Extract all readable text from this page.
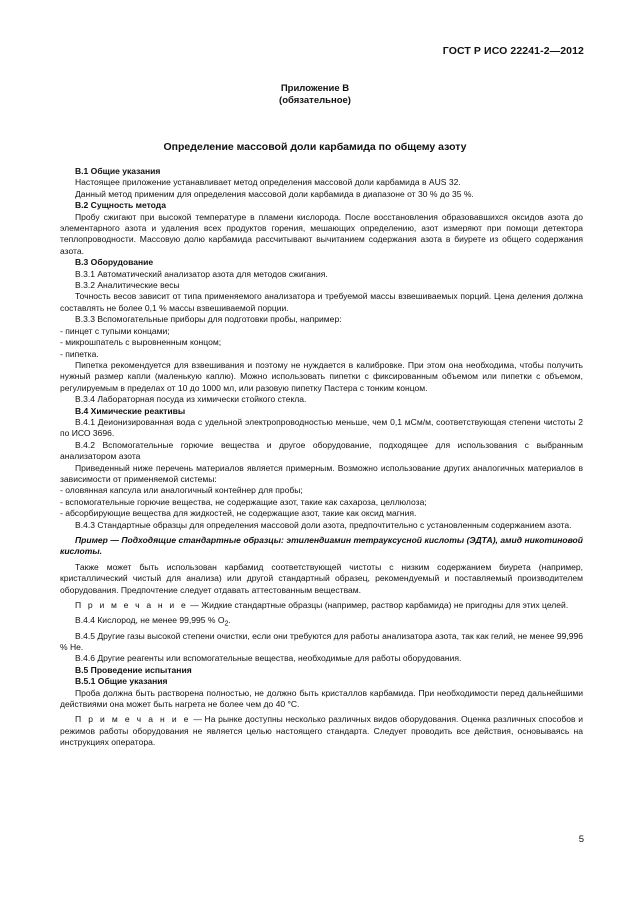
ГОСТ Р ИСО 22241-2—2012
Приложение В
(обязательное)
Определение массовой доли карбамида по общему азоту

В.1 Общие указания

Настоящее приложение устанавливает метод определения массовой доли карбамида в AUS 32.

Данный метод применим для определения массовой доли карбамида в диапазоне от 30 % до 35 %.

В.2 Сущность метода

Пробу сжигают при высокой температуре в пламени кислорода. После восстановления образовавшихся оксидов азота до элементарного азота и удаления всех продуктов горения, мешающих определению, азот измеряют при помощи детектора теплопроводности. Массовую долю карбамида рассчитывают вычитанием содержания азота в биурете из общего содержания азота.

В.3 Оборудование

В.3.1 Автоматический анализатор азота для методов сжигания.

В.3.2 Аналитические весы

Точность весов зависит от типа применяемого анализатора и требуемой массы взвешиваемых порций. Цена деления должна составлять не более 0,1 % массы взвешиваемой порции.

В.3.3 Вспомогательные приборы для подготовки пробы, например:

- пинцет с тупыми концами;

- микрошпатель с выровненным концом;

- пипетка.

Пипетка рекомендуется для взвешивания и поэтому не нуждается в калибровке. При этом она необходима, чтобы получить нужный размер капли (маленькую каплю). Можно использовать пипетки с фиксированным объемом или пипетки с объемом, регулируемым в пределах от 10 до 1000 мл, или разовую пипетку Пастера с тонким концом.

В.3.4 Лабораторная посуда из химически стойкого стекла.

В.4 Химические реактивы

В.4.1 Деионизированная вода с удельной электропроводностью меньше, чем 0,1 мСм/м, соответствующая степени чистоты 2 по ИСО 3696.

В.4.2 Вспомогательные горючие вещества и другое оборудование, подходящее для использования с выбранным анализатором азота

Приведенный ниже перечень материалов является примерным. Возможно использование других аналогичных материалов в зависимости от применяемой системы:

- оловянная капсула или аналогичный контейнер для пробы;

- вспомогательные горючие вещества, не содержащие азот, такие как сахароза, целлюлоза;

- абсорбирующие вещества для жидкостей, не содержащие азот, такие как оксид магния.

В.4.3 Стандартные образцы для определения массовой доли азота, предпочтительно с установленным содержанием азота.

Пример — Подходящие стандартные образцы: этилендиамин тетрауксусной кислоты (ЭДТА), амид никотиновой кислоты.

Также может быть использован карбамид соответствующей чистоты с низким содержанием биурета (например, кристаллический чистый для анализа) или другой стандартный образец, рекомендуемый и поставляемый производителем оборудования. Предпочтение следует отдавать аттестованным веществам.

П р и м е ч а н и е — Жидкие стандартные образцы (например, раствор карбамида) не пригодны для этих целей.

В.4.4 Кислород, не менее 99,995 % $O_2$.

В.4.5 Другие газы высокой степени очистки, если они требуются для работы анализатора азота, так как гелий, не менее 99,996 % He.

В.4.6 Другие реагенты или вспомогательные вещества, необходимые для работы оборудования.

В.5 Проведение испытания

В.5.1 Общие указания

Проба должна быть растворена полностью, не должно быть кристаллов карбамида. При необходимости перед дальнейшими действиями она может быть нагрета не более чем до 40 °С.

П р и м е ч а н и е — На рынке доступны несколько различных видов оборудования. Оценка различных способов и режимов работы оборудования не является целью настоящего стандарта. Следует проводить все действия, основываясь на инструкциях оператора.

5
